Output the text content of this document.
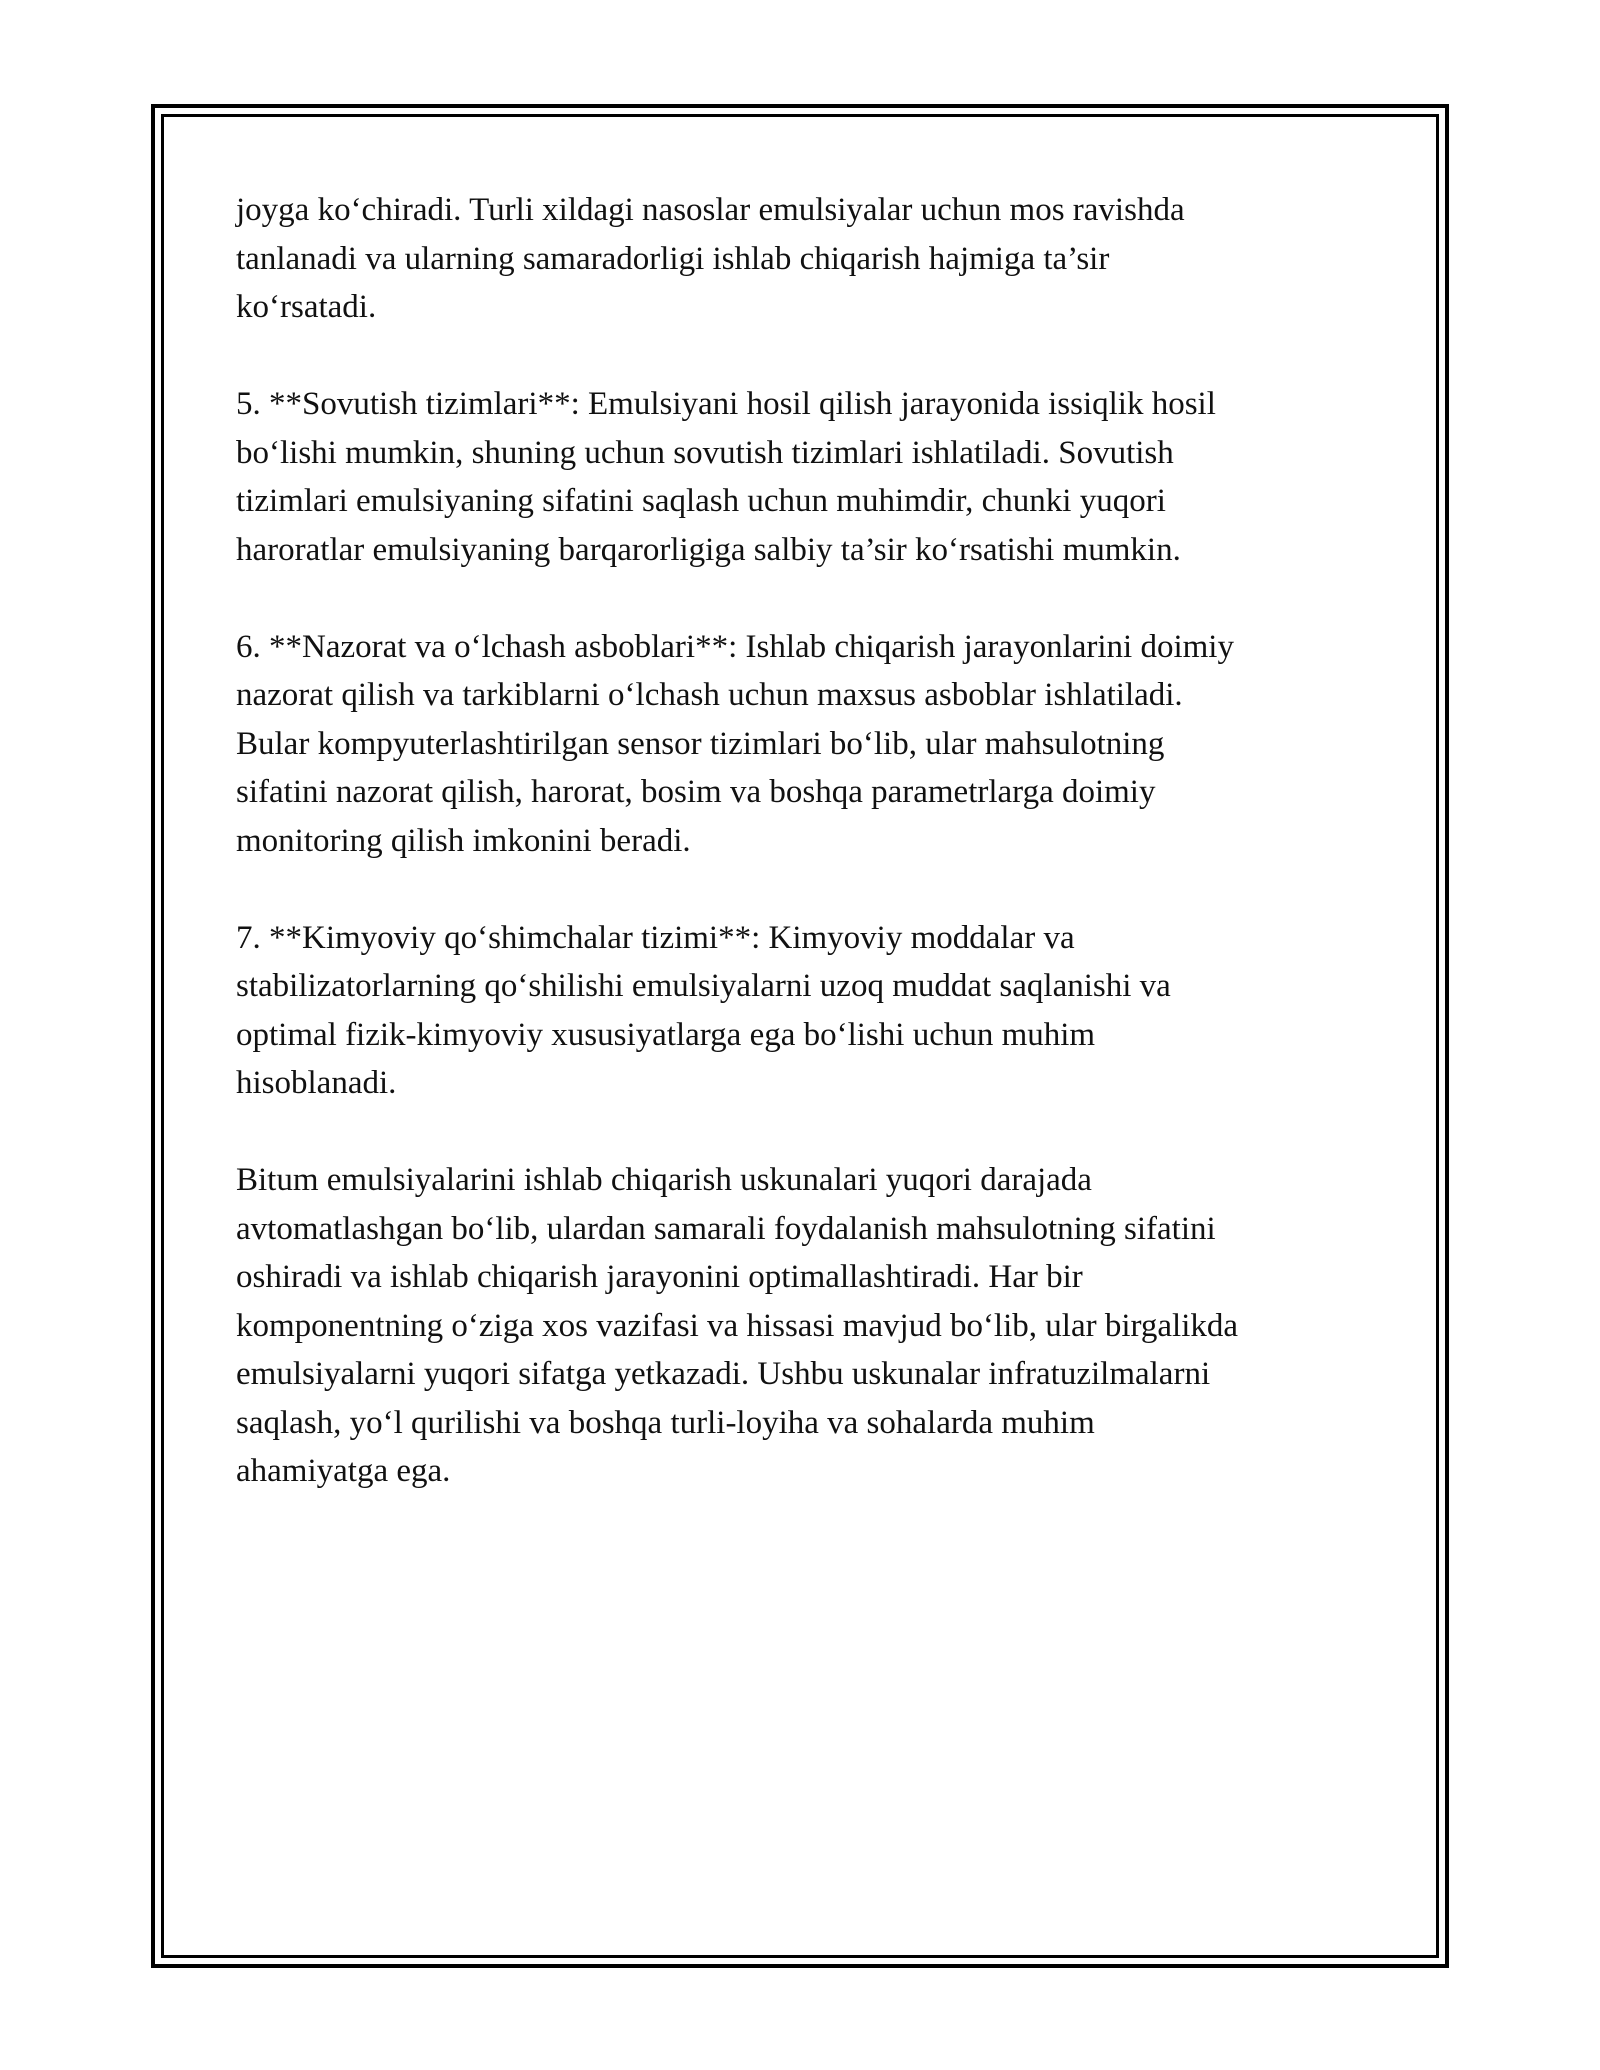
joyga ko‘chiradi. Turli xildagi nasoslar emulsiyalar uchun mos ravishda
tanlanadi va ularning samaradorligi ishlab chiqarish hajmiga ta’sir
ko‘rsatadi.

5. **Sovutish tizimlari**: Emulsiyani hosil qilish jarayonida issiqlik hosil
bo‘lishi mumkin, shuning uchun sovutish tizimlari ishlatiladi. Sovutish
tizimlari emulsiyaning sifatini saqlash uchun muhimdir, chunki yuqori
haroratlar emulsiyaning barqarorligiga salbiy ta’sir ko‘rsatishi mumkin.

6. **Nazorat va o‘lchash asboblari**: Ishlab chiqarish jarayonlarini doimiy
nazorat qilish va tarkiblarni o‘lchash uchun maxsus asboblar ishlatiladi.
Bular kompyuterlashtirilgan sensor tizimlari bo‘lib, ular mahsulotning
sifatini nazorat qilish, harorat, bosim va boshqa parametrlarga doimiy
monitoring qilish imkonini beradi.

7. **Kimyoviy qo‘shimchalar tizimi**: Kimyoviy moddalar va
stabilizatorlarning qo‘shilishi emulsiyalarni uzoq muddat saqlanishi va
optimal fizik-kimyoviy xususiyatlarga ega bo‘lishi uchun muhim
hisoblanadi.

Bitum emulsiyalarini ishlab chiqarish uskunalari yuqori darajada
avtomatlashgan bo‘lib, ulardan samarali foydalanish mahsulotning sifatini
oshiradi va ishlab chiqarish jarayonini optimallashtiradi. Har bir
komponentning o‘ziga xos vazifasi va hissasi mavjud bo‘lib, ular birgalikda
emulsiyalarni yuqori sifatga yetkazadi. Ushbu uskunalar infratuzilmalarni
saqlash, yo‘l qurilishi va boshqa turli-loyiha va sohalarda muhim
ahamiyatga ega.
